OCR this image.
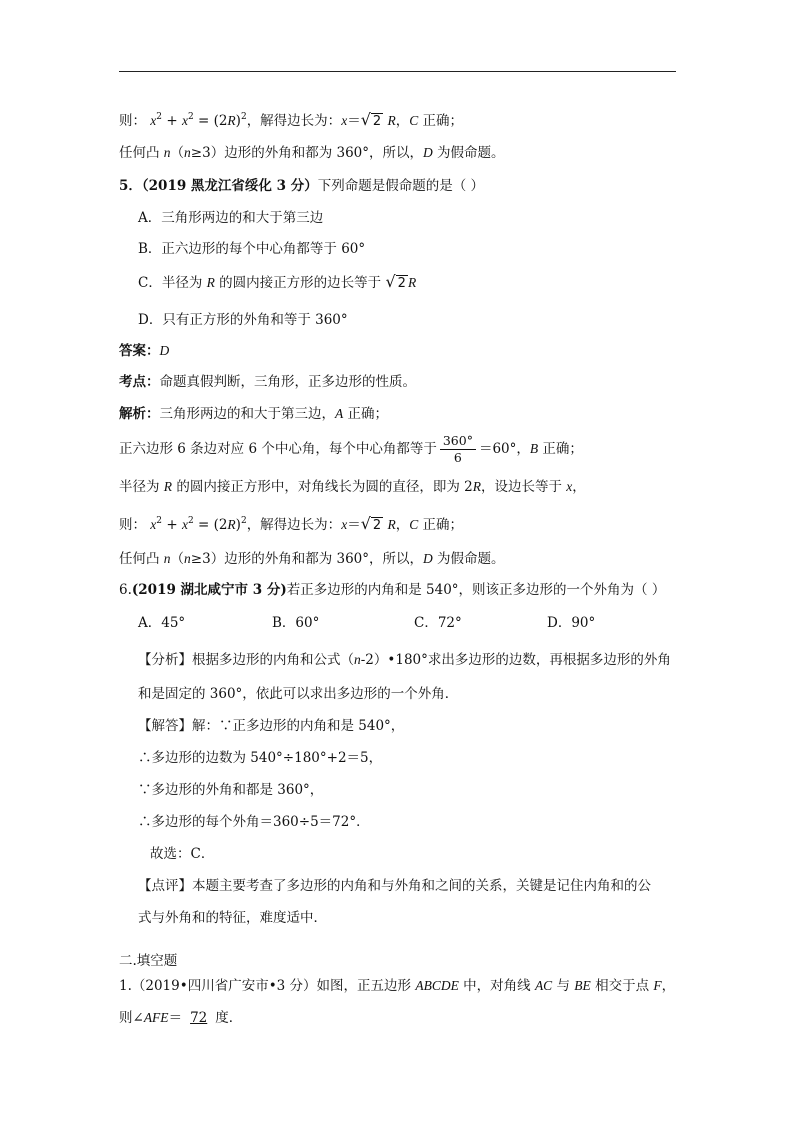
则： $x^2 + x^2 = (2R)^2$，解得边长为：x＝√ 2 R，C 正确；
任何凸 n（n≥3）边形的外角和都为 360°，所以，D 为假命题。
5．（2019 黑龙江省绥化 3 分）下列命题是假命题的是（ ）
A．三角形两边的和大于第三边
B．正六边形的每个中心角都等于 60°
C．半径为 R 的圆内接正方形的边长等于 √ 2 R
D．只有正方形的外角和等于 360°
答案：D
考点：命题真假判断，三角形，正多边形的性质。
解析：三角形两边的和大于第三边，A 正确；
正六边形 6 条边对应 6 个中心角，每个中心角都等于 $\frac{360^\circ}{6} =60^\circ$，B 正确；
半径为 R 的圆内接正方形中，对角线长为圆的直径，即为 2R，设边长等于 x，
则： $x^2 + x^2 = (2R)^2$，解得边长为：x＝√ 2 R，C 正确；
任何凸 n（n≥3）边形的外角和都为 360°，所以，D 为假命题。
6.(2019 湖北咸宁市 3 分)若正多边形的内角和是 540°，则该正多边形的一个外角为（ ）
A．45°	B．60°	C．72°	D．90°
【分析】根据多边形的内角和公式（n-2）•180°求出多边形的边数，再根据多边形的外角
和是固定的 360°，依此可以求出多边形的一个外角．
【解答】解：∵正多边形的内角和是 540°，
∴多边形的边数为 540°÷180°+2＝5，
∵多边形的外角和都是 360°，
∴多边形的每个外角＝360÷5＝72°．
故选：C．
【点评】本题主要考查了多边形的内角和与外角和之间的关系，关键是记住内角和的公
式与外角和的特征，难度适中．
二.填空题
1.（2019•四川省广安市•3 分）如图，正五边形 ABCDE 中，对角线 AC 与 BE 相交于点 F，
则∠AFE＝ 72 度．
